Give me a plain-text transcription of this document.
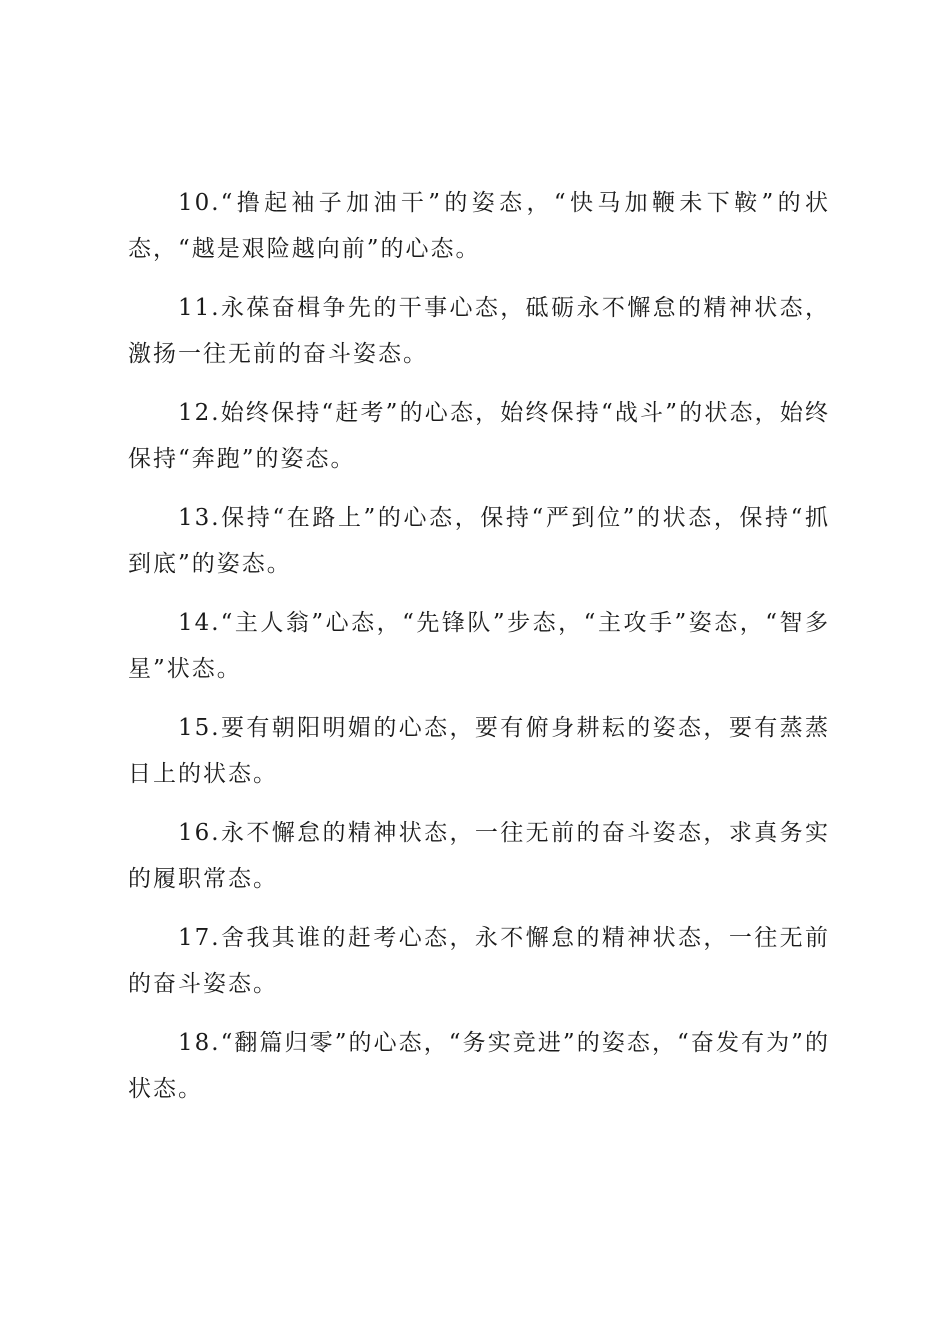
10.“撸起袖子加油干”的姿态，“快马加鞭未下鞍”的状态，“越是艰险越向前”的心态。

11.永葆奋楫争先的干事心态，砥砺永不懈怠的精神状态，激扬一往无前的奋斗姿态。

12.始终保持“赶考”的心态，始终保持“战斗”的状态，始终保持“奔跑”的姿态。

13.保持“在路上”的心态，保持“严到位”的状态，保持“抓到底”的姿态。

14.“主人翁”心态，“先锋队”步态，“主攻手”姿态，“智多星”状态。

15.要有朝阳明媚的心态，要有俯身耕耘的姿态，要有蒸蒸日上的状态。

16.永不懈怠的精神状态，一往无前的奋斗姿态，求真务实的履职常态。

17.舍我其谁的赶考心态，永不懈怠的精神状态，一往无前的奋斗姿态。

18.“翻篇归零”的心态，“务实竞进”的姿态，“奋发有为”的状态。
